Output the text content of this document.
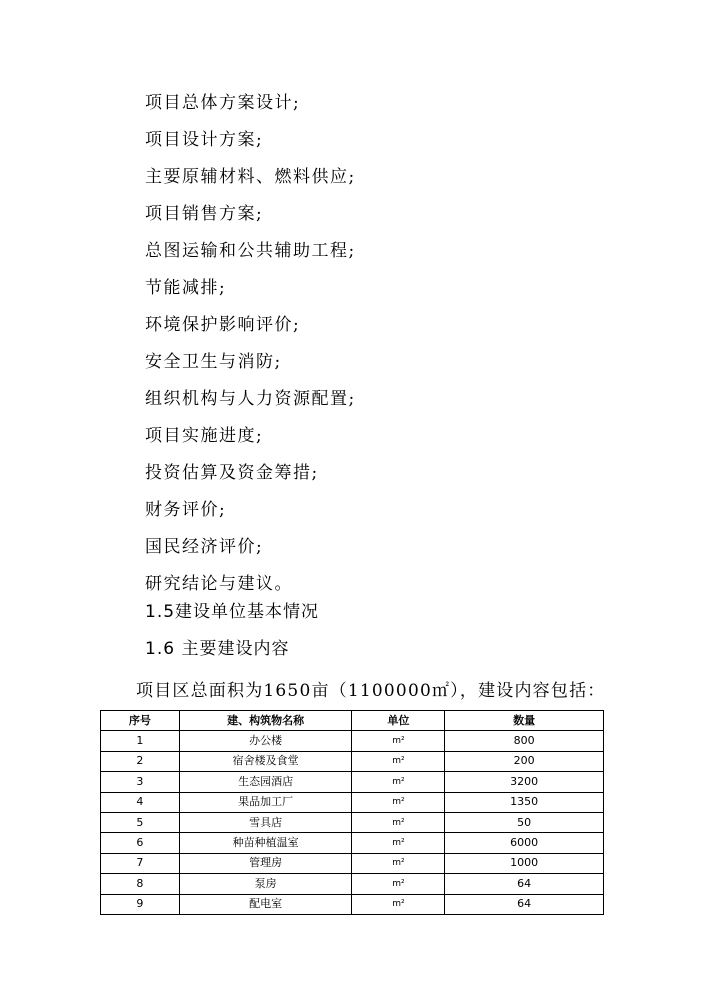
项目总体方案设计;
项目设计方案;
主要原辅材料、燃料供应;
项目销售方案;
总图运输和公共辅助工程;
节能减排;
环境保护影响评价;
安全卫生与消防;
组织机构与人力资源配置;
项目实施进度;
投资估算及资金筹措;
财务评价;
国民经济评价;
研究结论与建议。
1.5建设单位基本情况
1.6 主要建设内容
项目区总面积为1650亩（1100000㎡），建设内容包括：
序号	建、构筑物名称	单位	数量
1	办公楼	m²	800
2	宿舍楼及食堂	m²	200
3	生态园酒店	m²	3200
4	果品加工厂	m²	1350
5	雪具店	m²	50
6	种苗种植温室	m²	6000
7	管理房	m²	1000
8	泵房	m²	64
9	配电室	m²	64
